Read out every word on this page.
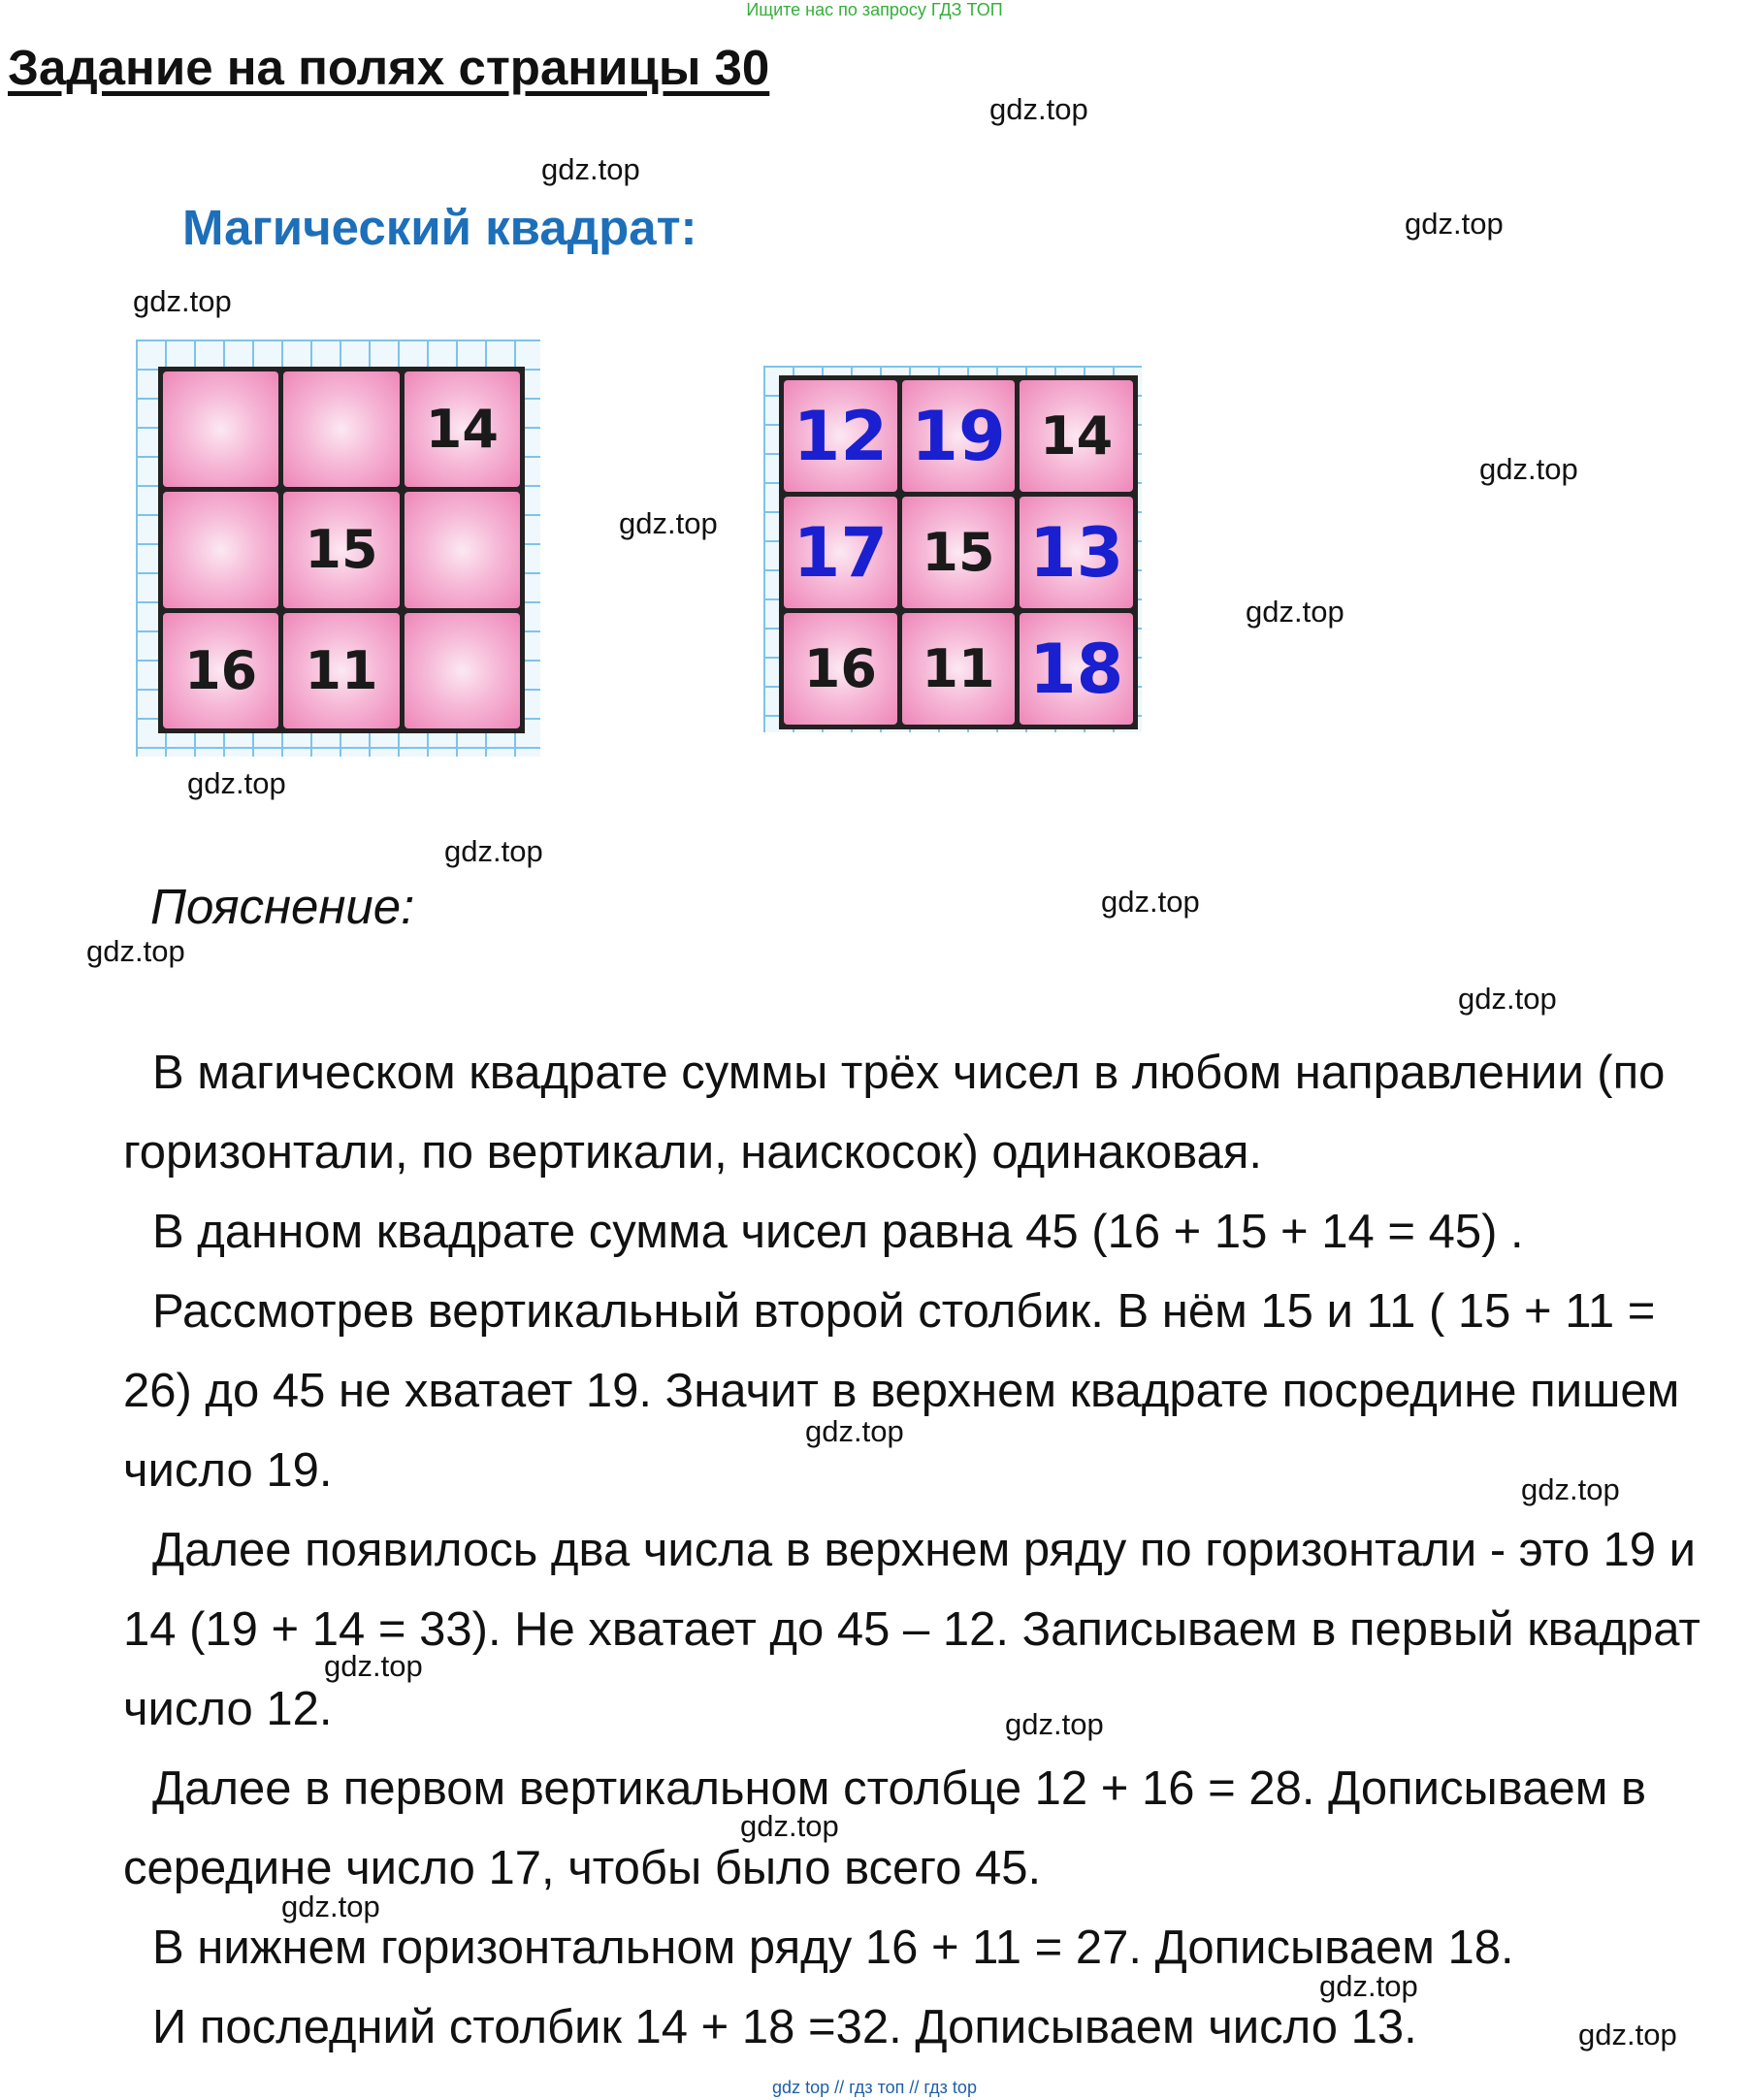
Ищите нас по запросу ГДЗ ТОП
Задание на полях страницы 30
Магический квадрат:
14
15
16 11
12 19 14
17 15 13
16 11 18
Пояснение:

В магическом квадрате суммы трёх чисел в любом направлении (по горизонтали, по вертикали, наискосок) одинаковая.

В данном квадрате сумма чисел равна 45 (16 + 15 + 14 = 45) .

Рассмотрев вертикальный второй столбик. В нём 15 и 11 ( 15 + 11 = 26) до 45 не хватает 19. Значит в верхнем квадрате посредине пишем число 19.

Далее появилось два числа в верхнем ряду по горизонтали - это 19 и 14 (19 + 14 = 33). Не хватает до 45 – 12. Записываем в первый квадрат число 12.

Далее в первом вертикальном столбце 12 + 16 = 28. Дописываем в середине число 17, чтобы было всего 45.

В нижнем горизонтальном ряду 16 + 11 = 27. Дописываем 18.

И последний столбик 14 + 18 =32. Дописываем число 13.

gdz.top
gdz.top
gdz.top
gdz.top
gdz.top
gdz.top
gdz.top
gdz.top
gdz.top
gdz.top
gdz.top
gdz.top
gdz.top
gdz.top
gdz.top
gdz.top
gdz.top
gdz.top
gdz.top
gdz.top
gdz top // гдз топ // гдз top
